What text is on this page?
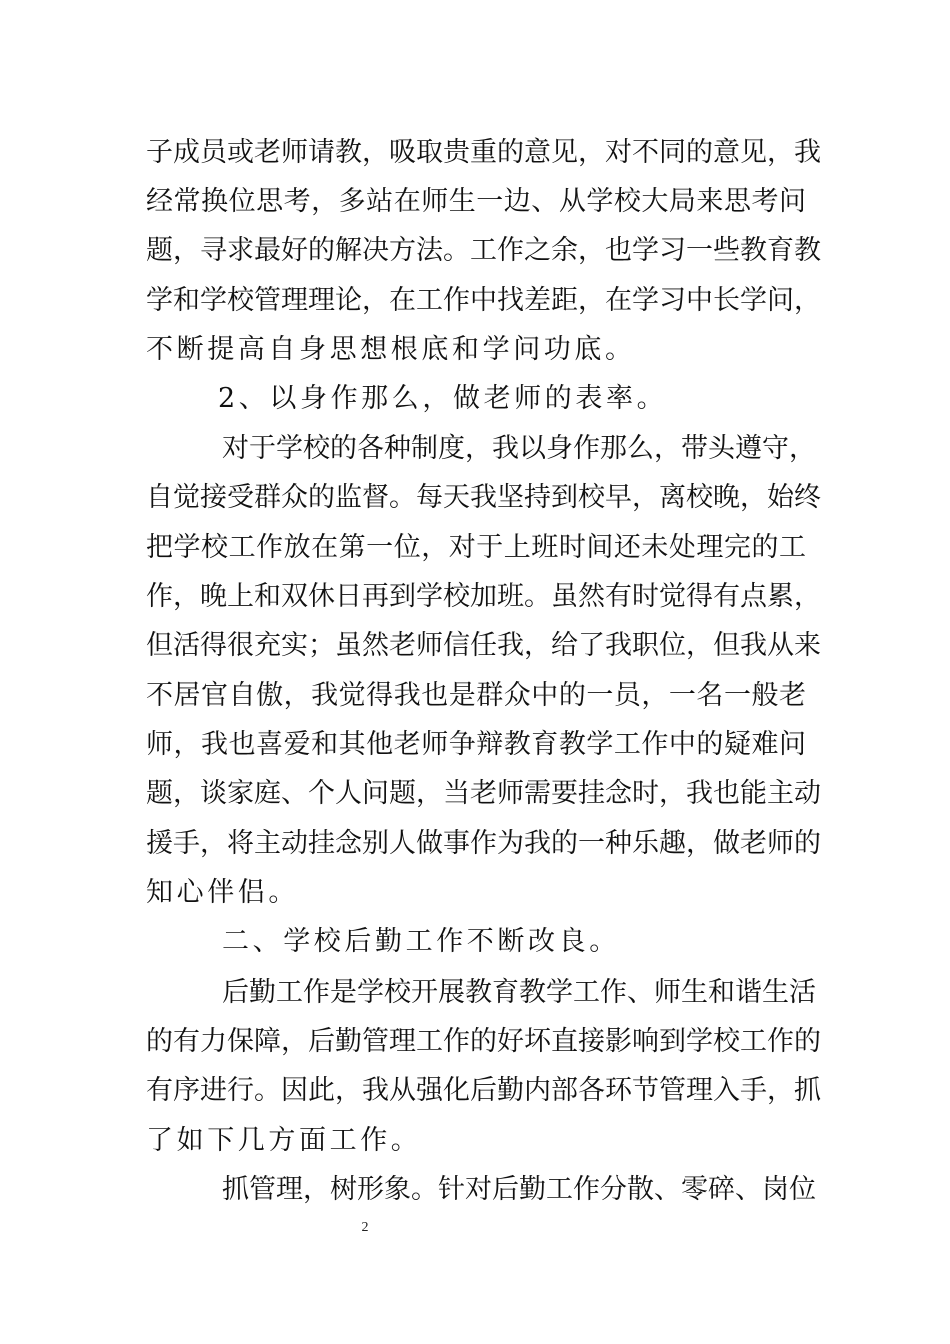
子成员或老师请教，吸取贵重的意见，对不同的意见，我
经常换位思考，多站在师生一边、从学校大局来思考问
题，寻求最好的解决方法。工作之余，也学习一些教育教
学和学校管理理论，在工作中找差距，在学习中长学问，
不断提高自身思想根底和学问功底。
2、以身作那么，做老师的表率。
对于学校的各种制度，我以身作那么，带头遵守，
自觉接受群众的监督。每天我坚持到校早，离校晚，始终
把学校工作放在第一位，对于上班时间还未处理完的工
作，晚上和双休日再到学校加班。虽然有时觉得有点累，
但活得很充实；虽然老师信任我，给了我职位，但我从来
不居官自傲，我觉得我也是群众中的一员，一名一般老
师，我也喜爱和其他老师争辩教育教学工作中的疑难问
题，谈家庭、个人问题，当老师需要挂念时，我也能主动
援手，将主动挂念别人做事作为我的一种乐趣，做老师的
知心伴侣。
二、学校后勤工作不断改良。
后勤工作是学校开展教育教学工作、师生和谐生活
的有力保障，后勤管理工作的好坏直接影响到学校工作的
有序进行。因此，我从强化后勤内部各环节管理入手，抓
了如下几方面工作。
抓管理，树形象。针对后勤工作分散、零碎、岗位
2
